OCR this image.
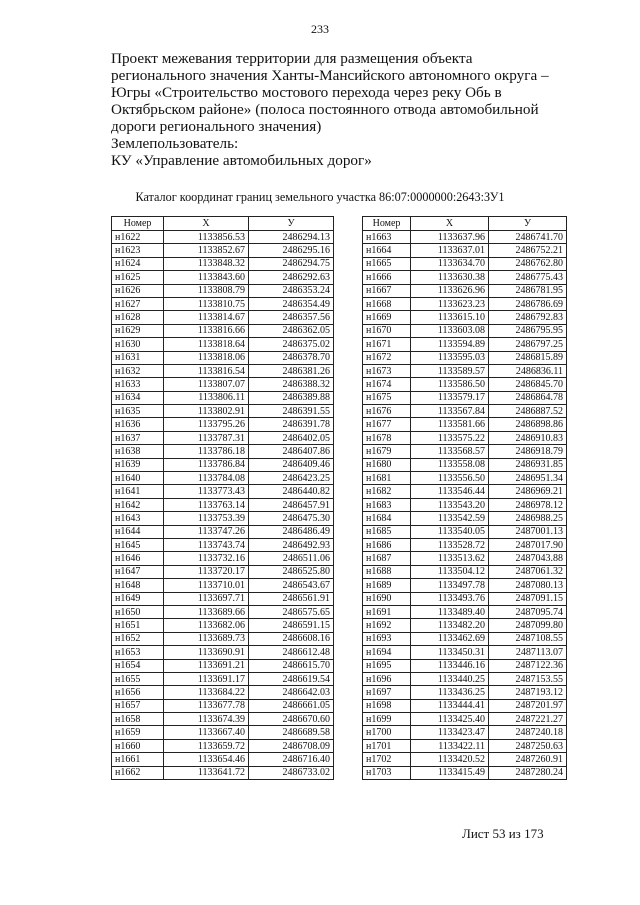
233
Проект межевания территории для размещения объекта
регионального значения Ханты-Мансийского автономного округа –
Югры «Строительство мостового перехода через реку Обь в
Октябрьском районе» (полоса постоянного отвода автомобильной
дороги регионального значения)
Землепользователь:
КУ «Управление автомобильных дорог»
Каталог координат границ земельного участка 86:07:0000000:2643:ЗУ1
Номер	X	У
н1622	1133856.53	2486294.13
н1623	1133852.67	2486295.16
н1624	1133848.32	2486294.75
н1625	1133843.60	2486292.63
н1626	1133808.79	2486353.24
н1627	1133810.75	2486354.49
н1628	1133814.67	2486357.56
н1629	1133816.66	2486362.05
н1630	1133818.64	2486375.02
н1631	1133818.06	2486378.70
н1632	1133816.54	2486381.26
н1633	1133807.07	2486388.32
н1634	1133806.11	2486389.88
н1635	1133802.91	2486391.55
н1636	1133795.26	2486391.78
н1637	1133787.31	2486402.05
н1638	1133786.18	2486407.86
н1639	1133786.84	2486409.46
н1640	1133784.08	2486423.25
н1641	1133773.43	2486440.82
н1642	1133763.14	2486457.91
н1643	1133753.39	2486475.30
н1644	1133747.26	2486486.49
н1645	1133743.74	2486492.93
н1646	1133732.16	2486511.06
н1647	1133720.17	2486525.80
н1648	1133710.01	2486543.67
н1649	1133697.71	2486561.91
н1650	1133689.66	2486575.65
н1651	1133682.06	2486591.15
н1652	1133689.73	2486608.16
н1653	1133690.91	2486612.48
н1654	1133691.21	2486615.70
н1655	1133691.17	2486619.54
н1656	1133684.22	2486642.03
н1657	1133677.78	2486661.05
н1658	1133674.39	2486670.60
н1659	1133667.40	2486689.58
н1660	1133659.72	2486708.09
н1661	1133654.46	2486716.40
н1662	1133641.72	2486733.02
Номер	X	У
н1663	1133637.96	2486741.70
н1664	1133637.01	2486752.21
н1665	1133634.70	2486762.80
н1666	1133630.38	2486775.43
н1667	1133626.96	2486781.95
н1668	1133623.23	2486786.69
н1669	1133615.10	2486792.83
н1670	1133603.08	2486795.95
н1671	1133594.89	2486797.25
н1672	1133595.03	2486815.89
н1673	1133589.57	2486836.11
н1674	1133586.50	2486845.70
н1675	1133579.17	2486864.78
н1676	1133567.84	2486887.52
н1677	1133581.66	2486898.86
н1678	1133575.22	2486910.83
н1679	1133568.57	2486918.79
н1680	1133558.08	2486931.85
н1681	1133556.50	2486951.34
н1682	1133546.44	2486969.21
н1683	1133543.20	2486978.12
н1684	1133542.59	2486988.25
н1685	1133540.05	2487001.13
н1686	1133528.72	2487017.90
н1687	1133513.62	2487043.88
н1688	1133504.12	2487061.32
н1689	1133497.78	2487080.13
н1690	1133493.76	2487091.15
н1691	1133489.40	2487095.74
н1692	1133482.20	2487099.80
н1693	1133462.69	2487108.55
н1694	1133450.31	2487113.07
н1695	1133446.16	2487122.36
н1696	1133440.25	2487153.55
н1697	1133436.25	2487193.12
н1698	1133444.41	2487201.97
н1699	1133425.40	2487221.27
н1700	1133423.47	2487240.18
н1701	1133422.11	2487250.63
н1702	1133420.52	2487260.91
н1703	1133415.49	2487280.24
Лист 53 из 173
